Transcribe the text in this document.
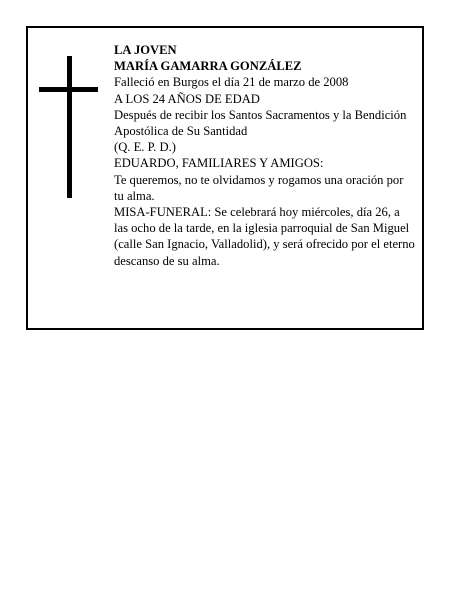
LA JOVEN

MARÍA GAMARRA GONZÁLEZ

Falleció en Burgos el día 21 de marzo de 2008

A LOS 24 AÑOS DE EDAD

Después de recibir los Santos Sacramentos y la Bendición Apostólica de Su Santidad

(Q. E. P. D.)

EDUARDO, FAMILIARES Y AMIGOS:

Te queremos, no te olvidamos y rogamos una oración por tu alma.

MISA-FUNERAL: Se celebrará hoy miércoles, día 26, a las ocho de la tarde, en la iglesia parroquial de San Miguel (calle San Ignacio, Valladolid), y será ofrecido por el eterno descanso de su alma.
